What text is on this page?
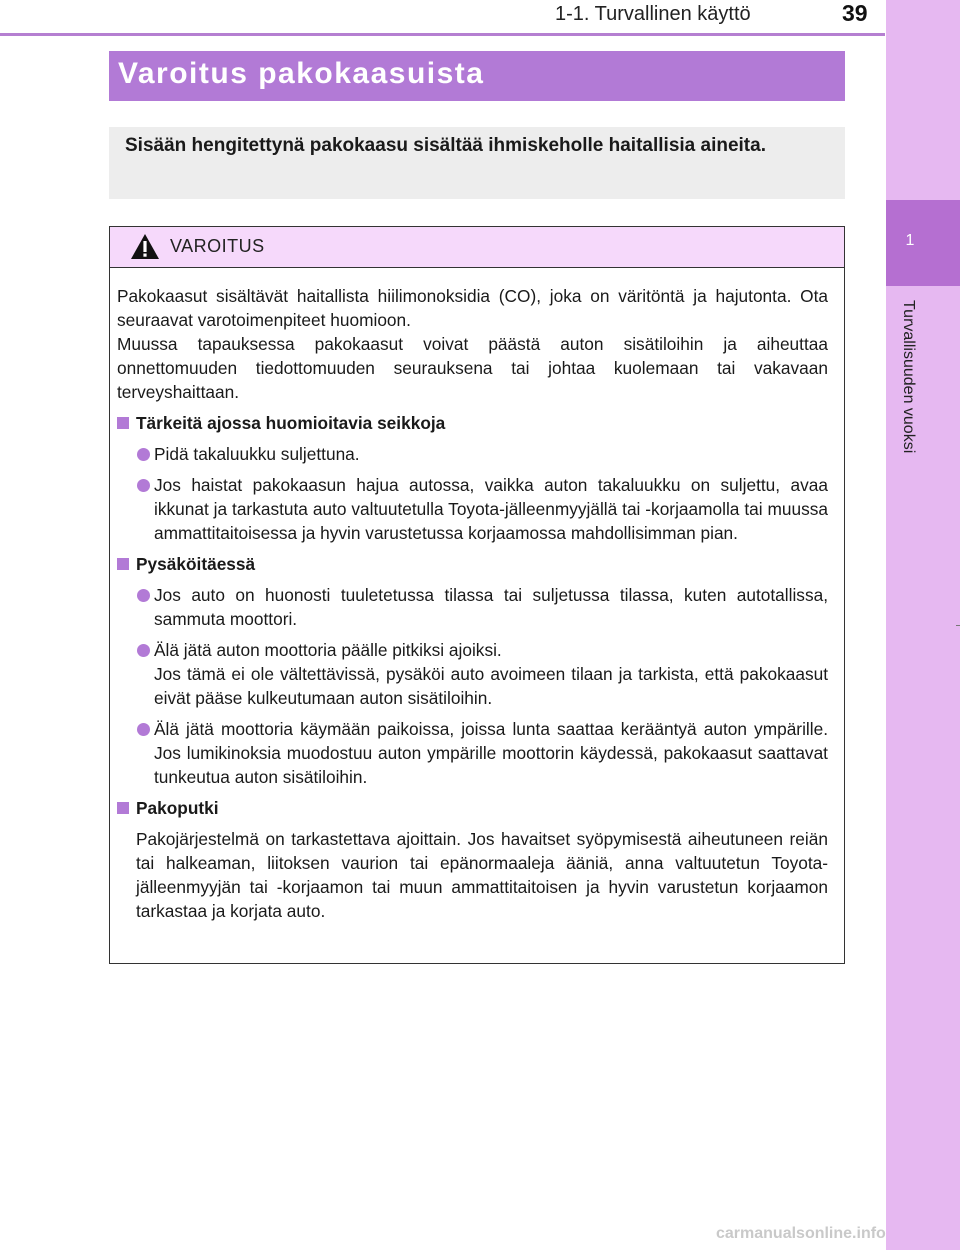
1-1. Turvallinen käyttö	39
1
Turvallisuuden vuoksi
Varoitus pakokaasuista
Sisään hengitettynä pakokaasu sisältää ihmiskeholle haitallisia aineita.
VAROITUS
Pakokaasut sisältävät haitallista hiilimonoksidia (CO), joka on väritöntä ja hajutonta. Ota seuraavat varotoimenpiteet huomioon.
Muussa tapauksessa pakokaasut voivat päästä auton sisätiloihin ja aiheuttaa onnettomuuden tiedottomuuden seurauksena tai johtaa kuolemaan tai vakavaan terveyshaittaan.
Tärkeitä ajossa huomioitavia seikkoja
Pidä takaluukku suljettuna.
Jos haistat pakokaasun hajua autossa, vaikka auton takaluukku on suljettu, avaa ikkunat ja tarkastuta auto valtuutetulla Toyota-jälleenmyyjällä tai -korjaamolla tai muussa ammattitaitoisessa ja hyvin varustetussa korjaamossa mahdollisimman pian.
Pysäköitäessä
Jos auto on huonosti tuuletetussa tilassa tai suljetussa tilassa, kuten autotallissa, sammuta moottori.
Älä jätä auton moottoria päälle pitkiksi ajoiksi.
Jos tämä ei ole vältettävissä, pysäköi auto avoimeen tilaan ja tarkista, että pakokaasut eivät pääse kulkeutumaan auton sisätiloihin.
Älä jätä moottoria käymään paikoissa, joissa lunta saattaa kerääntyä auton ympärille. Jos lumikinoksia muodostuu auton ympärille moottorin käydessä, pakokaasut saattavat tunkeutua auton sisätiloihin.
Pakoputki
Pakojärjestelmä on tarkastettava ajoittain. Jos havaitset syöpymisestä aiheutuneen reiän tai halkeaman, liitoksen vaurion tai epänormaaleja ääniä, anna valtuutetun Toyota-jälleenmyyjän tai -korjaamon tai muun ammattitaitoisen ja hyvin varustetun korjaamon tarkastaa ja korjata auto.
carmanualsonline.info
